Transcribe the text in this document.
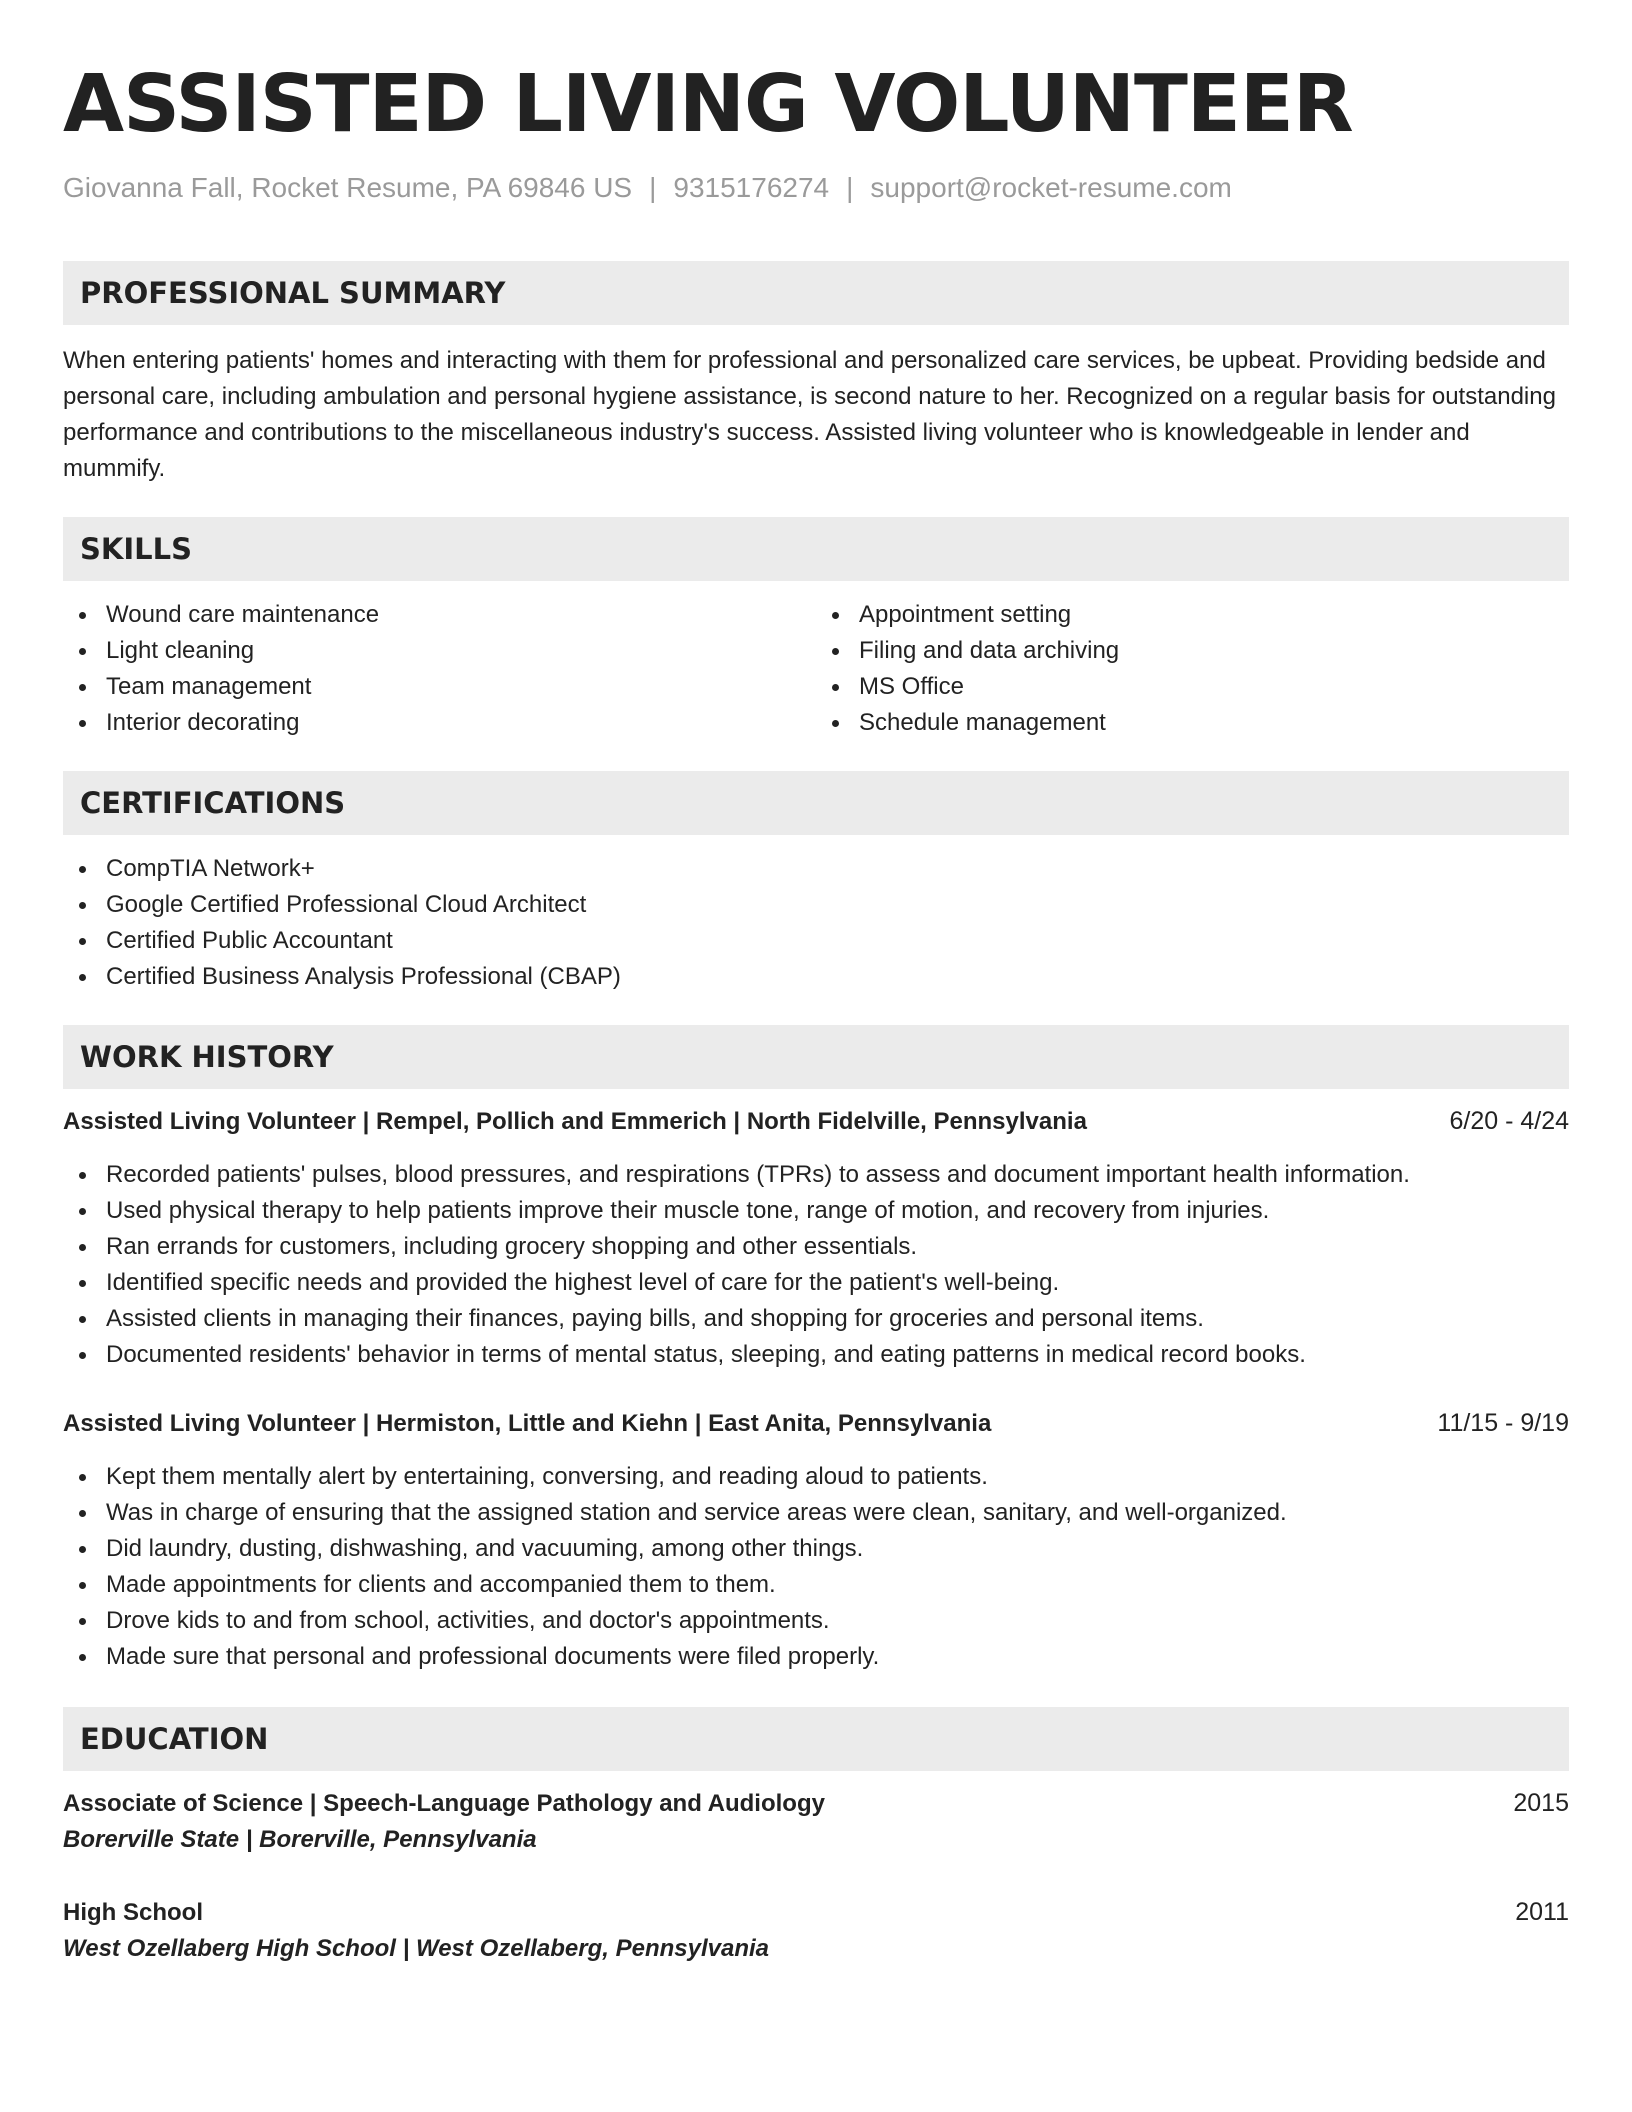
ASSISTED LIVING VOLUNTEER
Giovanna Fall, Rocket Resume, PA 69846 US | 9315176274 | support@rocket-resume.com
PROFESSIONAL SUMMARY

When entering patients' homes and interacting with them for professional and personalized care services, be upbeat. Providing bedside and personal care, including ambulation and personal hygiene assistance, is second nature to her. Recognized on a regular basis for outstanding performance and contributions to the miscellaneous industry's success. Assisted living volunteer who is knowledgeable in lender and mummify.

SKILLS
Wound care maintenance
Light cleaning
Team management
Interior decorating
Appointment setting
Filing and data archiving
MS Office
Schedule management
CERTIFICATIONS
CompTIA Network+
Google Certified Professional Cloud Architect
Certified Public Accountant
Certified Business Analysis Professional (CBAP)
WORK HISTORY
Assisted Living Volunteer | Rempel, Pollich and Emmerich | North Fidelville, Pennsylvania	6/20 - 4/24
Recorded patients' pulses, blood pressures, and respirations (TPRs) to assess and document important health information.
Used physical therapy to help patients improve their muscle tone, range of motion, and recovery from injuries.
Ran errands for customers, including grocery shopping and other essentials.
Identified specific needs and provided the highest level of care for the patient's well-being.
Assisted clients in managing their finances, paying bills, and shopping for groceries and personal items.
Documented residents' behavior in terms of mental status, sleeping, and eating patterns in medical record books.
Assisted Living Volunteer | Hermiston, Little and Kiehn | East Anita, Pennsylvania	11/15 - 9/19
Kept them mentally alert by entertaining, conversing, and reading aloud to patients.
Was in charge of ensuring that the assigned station and service areas were clean, sanitary, and well-organized.
Did laundry, dusting, dishwashing, and vacuuming, among other things.
Made appointments for clients and accompanied them to them.
Drove kids to and from school, activities, and doctor's appointments.
Made sure that personal and professional documents were filed properly.
EDUCATION
Associate of Science | Speech-Language Pathology and Audiology	2015
Borerville State | Borerville, Pennsylvania
High School	2011
West Ozellaberg High School | West Ozellaberg, Pennsylvania
